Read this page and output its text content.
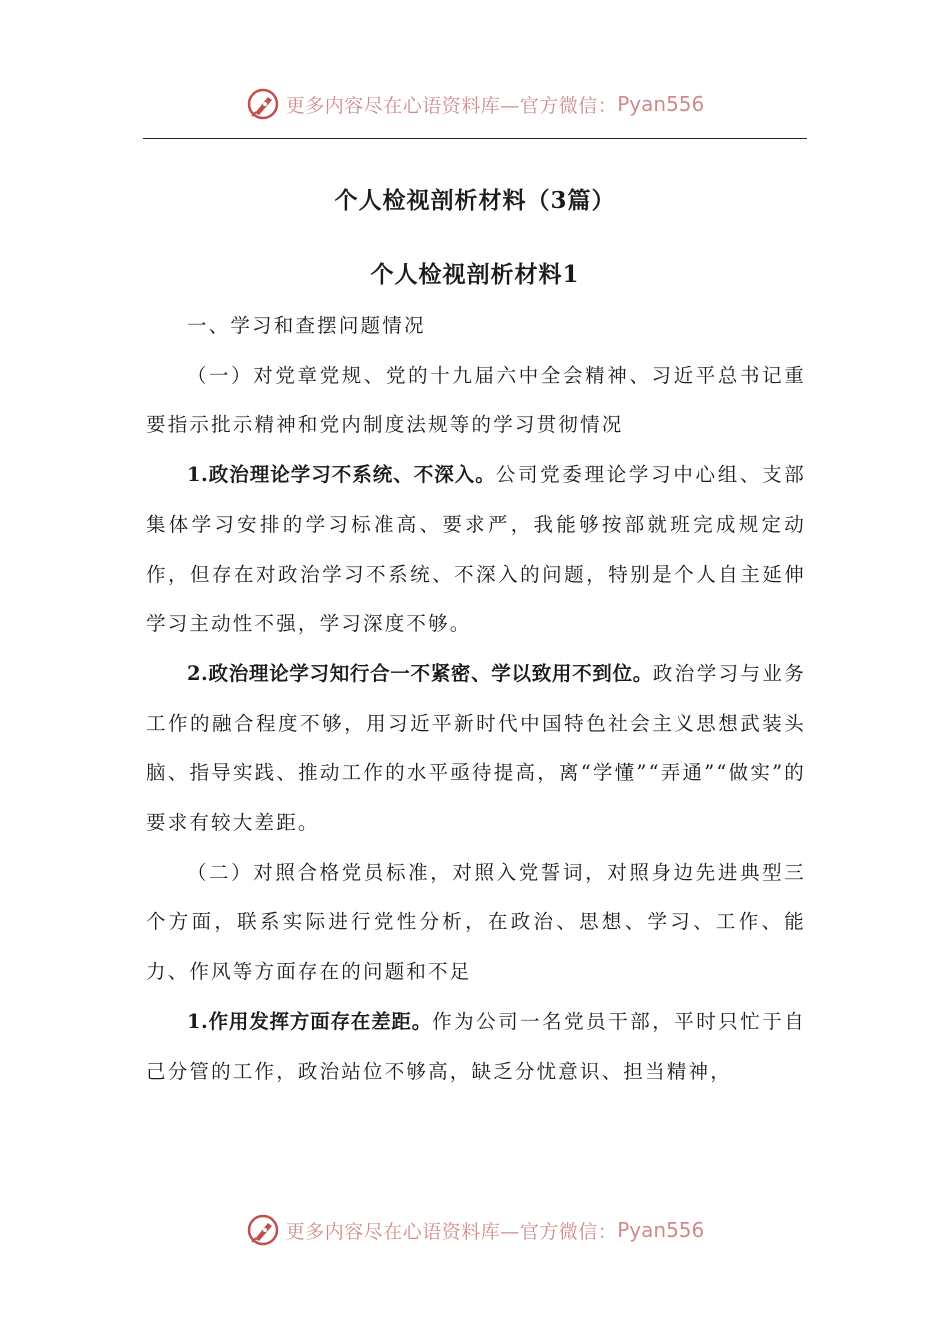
更多内容尽在心语资料库—官方微信： Pyan556
个人检视剖析材料（3篇）
个人检视剖析材料1

一、学习和查摆问题情况

（一）对党章党规、党的十九届六中全会精神、习近平总书记重要指示批示精神和党内制度法规等的学习贯彻情况

1.政治理论学习不系统、不深入。公司党委理论学习中心组、支部集体学习安排的学习标准高、要求严，我能够按部就班完成规定动作，但存在对政治学习不系统、不深入的问题，特别是个人自主延伸学习主动性不强，学习深度不够。

2.政治理论学习知行合一不紧密、学以致用不到位。政治学习与业务工作的融合程度不够，用习近平新时代中国特色社会主义思想武装头脑、指导实践、推动工作的水平亟待提高，离“学懂”“弄通”“做实”的要求有较大差距。

（二）对照合格党员标准，对照入党誓词，对照身边先进典型三个方面，联系实际进行党性分析，在政治、思想、学习、工作、能力、作风等方面存在的问题和不足

1.作用发挥方面存在差距。作为公司一名党员干部，平时只忙于自己分管的工作，政治站位不够高，缺乏分忧意识、担当精神，

更多内容尽在心语资料库—官方微信： Pyan556
